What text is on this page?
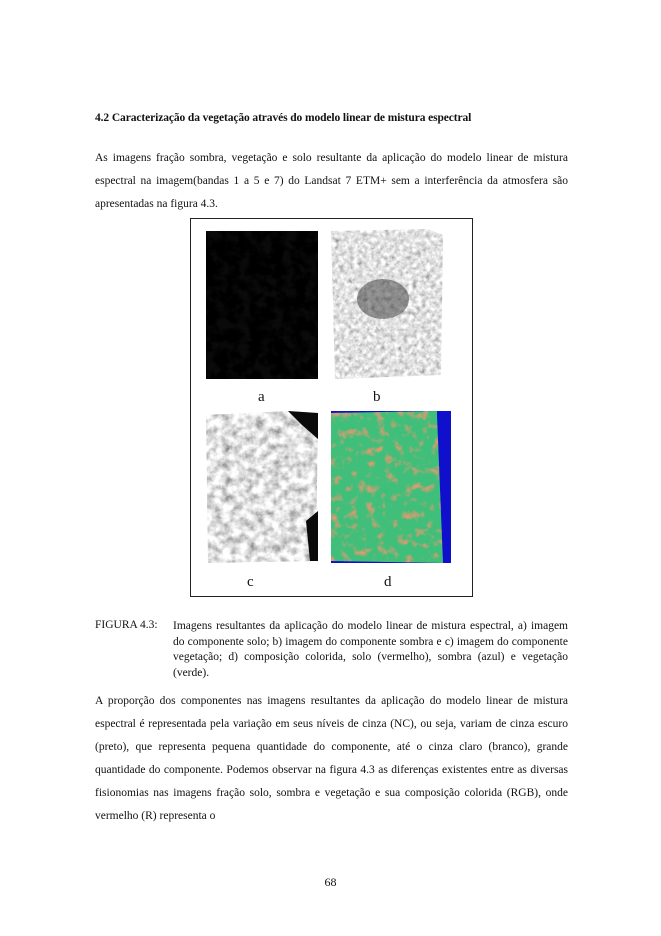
4.2 Caracterização da vegetação através do modelo linear de mistura espectral
As imagens fração sombra, vegetação e solo resultante da aplicação do modelo linear de mistura espectral na imagem(bandas 1 a 5 e 7) do Landsat 7 ETM+ sem a interferência da atmosfera são apresentadas na figura 4.3.
a	b
c	d
FIGURA 4.3: Imagens resultantes da aplicação do modelo linear de mistura espectral, a) imagem do componente solo; b) imagem do componente sombra e c) imagem do componente vegetação; d) composição colorida, solo (vermelho), sombra (azul) e vegetação (verde).
A proporção dos componentes nas imagens resultantes da aplicação do modelo linear de mistura espectral é representada pela variação em seus níveis de cinza (NC), ou seja, variam de cinza escuro (preto), que representa pequena quantidade do componente, até o cinza claro (branco), grande quantidade do componente. Podemos observar na figura 4.3 as diferenças existentes entre as diversas fisionomias nas imagens fração solo, sombra e vegetação e sua composição colorida (RGB), onde vermelho (R) representa o
68
